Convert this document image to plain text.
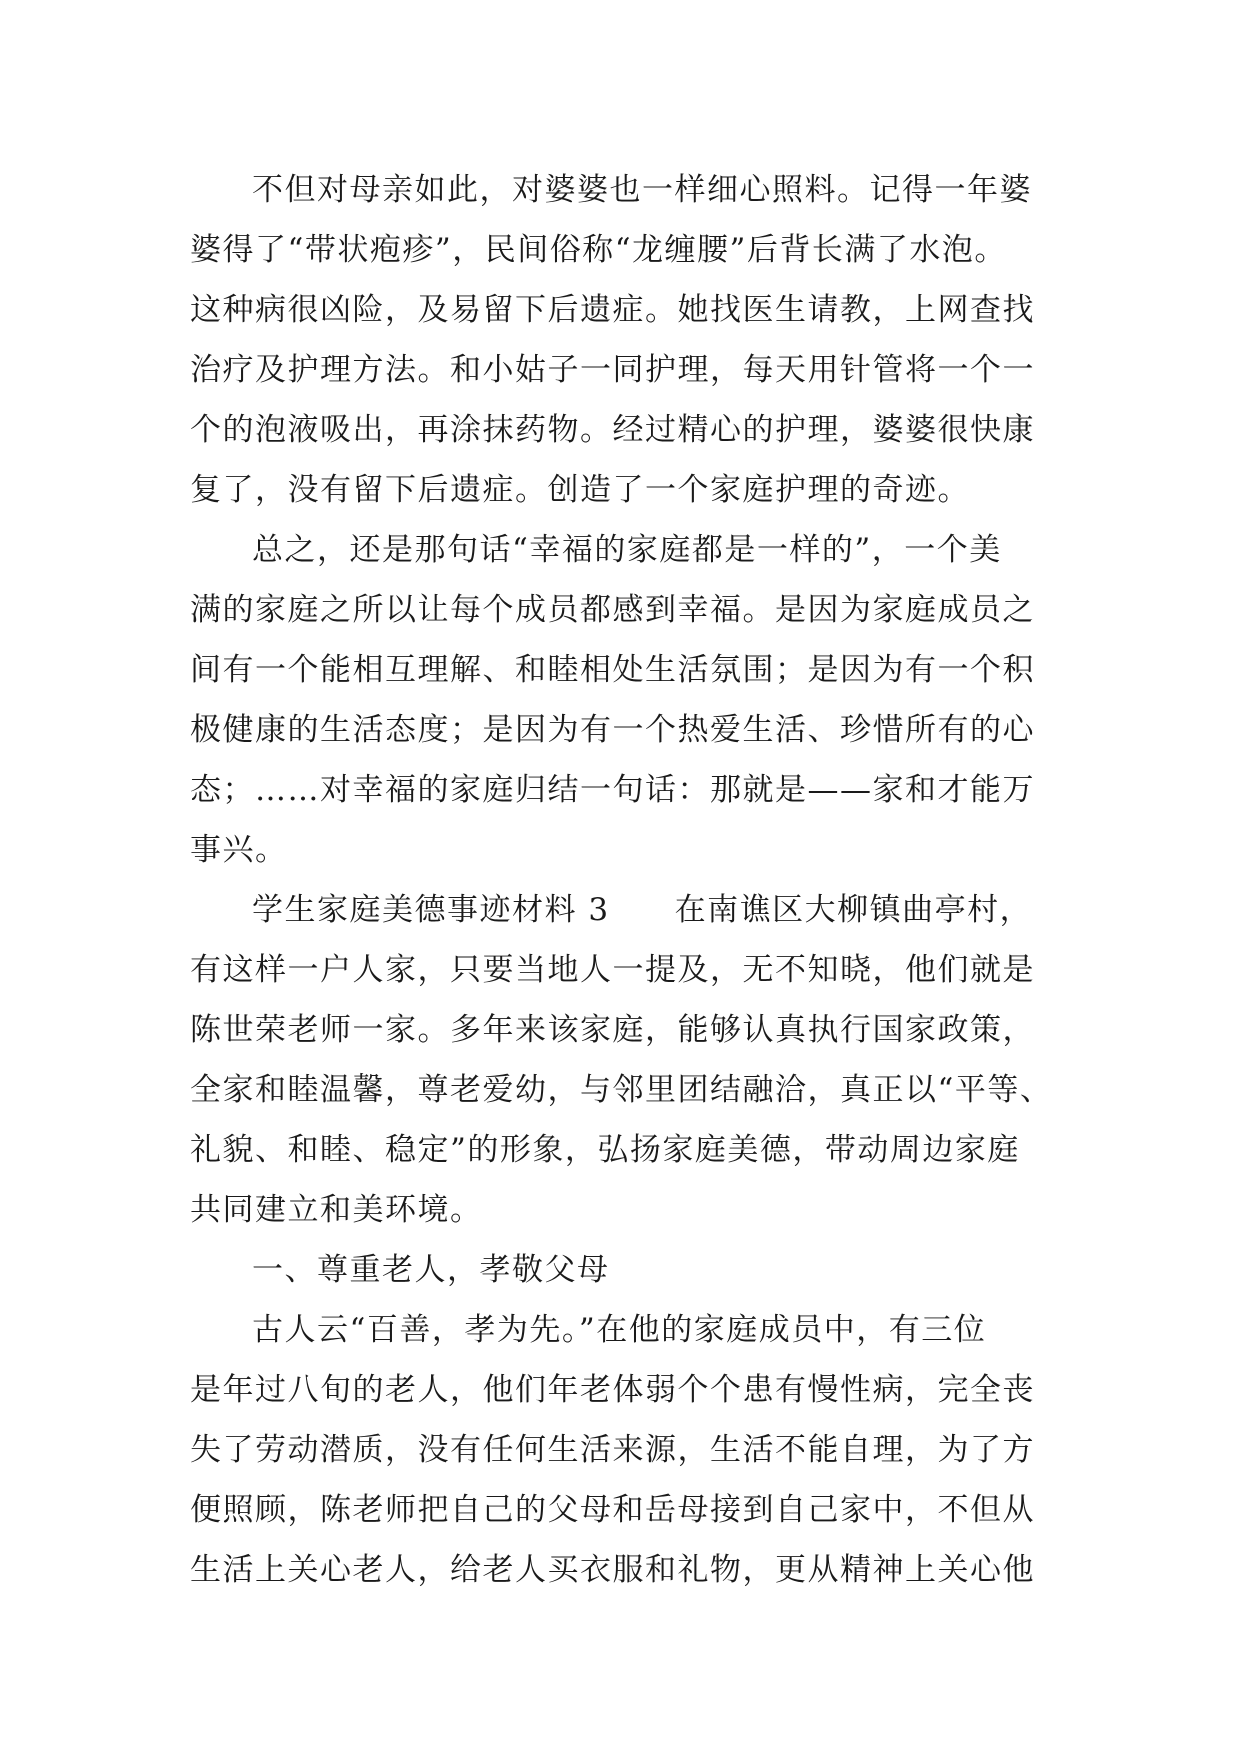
不但对母亲如此，对婆婆也一样细心照料。记得一年婆
婆得了“带状疱疹”，民间俗称“龙缠腰”后背长满了水泡。
这种病很凶险，及易留下后遗症。她找医生请教，上网查找
治疗及护理方法。和小姑子一同护理，每天用针管将一个一
个的泡液吸出，再涂抹药物。经过精心的护理，婆婆很快康
复了，没有留下后遗症。创造了一个家庭护理的奇迹。
总之，还是那句话“幸福的家庭都是一样的”，一个美
满的家庭之所以让每个成员都感到幸福。是因为家庭成员之
间有一个能相互理解、和睦相处生活氛围；是因为有一个积
极健康的生活态度；是因为有一个热爱生活、珍惜所有的心
态；……对幸福的家庭归结一句话：那就是——家和才能万
事兴。
学生家庭美德事迹材料 3　　在南谯区大柳镇曲亭村，
有这样一户人家，只要当地人一提及，无不知晓，他们就是
陈世荣老师一家。多年来该家庭，能够认真执行国家政策，
全家和睦温馨，尊老爱幼，与邻里团结融洽，真正以“平等、
礼貌、和睦、稳定”的形象，弘扬家庭美德，带动周边家庭
共同建立和美环境。
一、尊重老人，孝敬父母
古人云“百善，孝为先。”在他的家庭成员中，有三位
是年过八旬的老人，他们年老体弱个个患有慢性病，完全丧
失了劳动潜质，没有任何生活来源，生活不能自理，为了方
便照顾，陈老师把自己的父母和岳母接到自己家中，不但从
生活上关心老人，给老人买衣服和礼物，更从精神上关心他
